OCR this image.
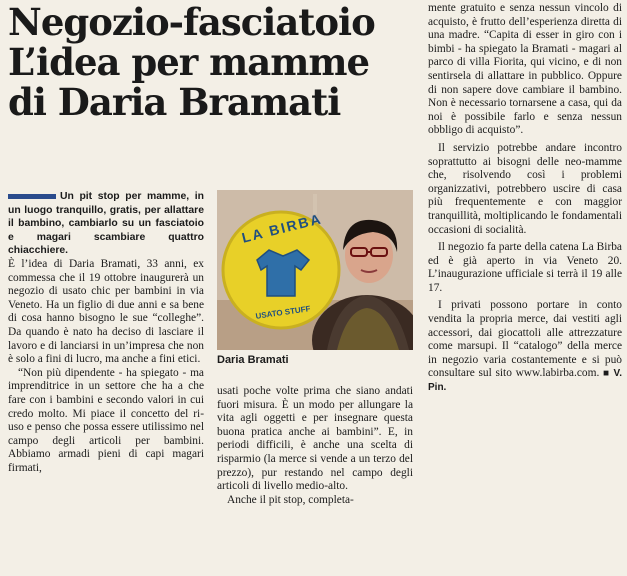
Negozio-fasciatoio
L’idea per mamme
di Daria Bramati

Un pit stop per mamme, in un luogo tranquillo, gratis, per allattare il bambino, cambiarlo su un fasciatoio e magari scambiare quattro chiacchiere.

È l’idea di Daria Bramati, 33 anni, ex commessa che il 19 ottobre inaugurerà un negozio di usato chic per bambini in via Veneto. Ha un figlio di due anni e sa bene di cosa hanno bisogno le sue “colleghe”. Da quando è nato ha deciso di lasciare il lavoro e di lanciarsi in un’impresa che non è solo a fini di lucro, ma anche a fini etici.

“Non più dipendente - ha spiegato - ma imprenditrice in un settore che ha a che fare con i bambini e secondo valori in cui credo molto. Mi piace il concetto del ri-uso e penso che possa essere utilissimo nel campo degli articoli per bambini. Abbiamo armadi pieni di capi magari firmati,

LA BIRBA
USATO STUFF
Daria Bramati

usati poche volte prima che siano andati fuori misura. È un modo per allungare la vita agli oggetti e per insegnare questa buona pratica anche ai bambini”. E, in periodi difficili, è anche una scelta di risparmio (la merce si vende a un terzo del prezzo), pur restando nel campo degli articoli di livello medio-alto.

Anche il pit stop, completa-

mente gratuito e senza nessun vincolo di acquisto, è frutto dell’esperienza diretta di una madre. “Capita di esser in giro con i bimbi - ha spiegato la Bramati - magari al parco di villa Fiorita, qui vicino, e di non sentirsela di allattare in pubblico. Oppure di non sapere dove cambiare il bambino. Non è necessario tornarsene a casa, qui da noi è possibile farlo e senza nessun obbligo di acquisto”.

Il servizio potrebbe andare incontro soprattutto ai bisogni delle neo-mamme che, risolvendo così i problemi organizzativi, potrebbero uscire di casa più frequentemente e con maggior tranquillità, moltiplicando le fondamentali occasioni di socialità.

Il negozio fa parte della catena La Birba ed è già aperto in via Veneto 20. L’inaugurazione ufficiale si terrà il 19 alle 17.

I privati possono portare in conto vendita la propria merce, dai vestiti agli accessori, dai giocattoli alle attrezzature come marsupi. Il “catalogo” della merce in negozio varia costantemente e si può consultare sul sito www.labirba.com. ■ V. Pin.
